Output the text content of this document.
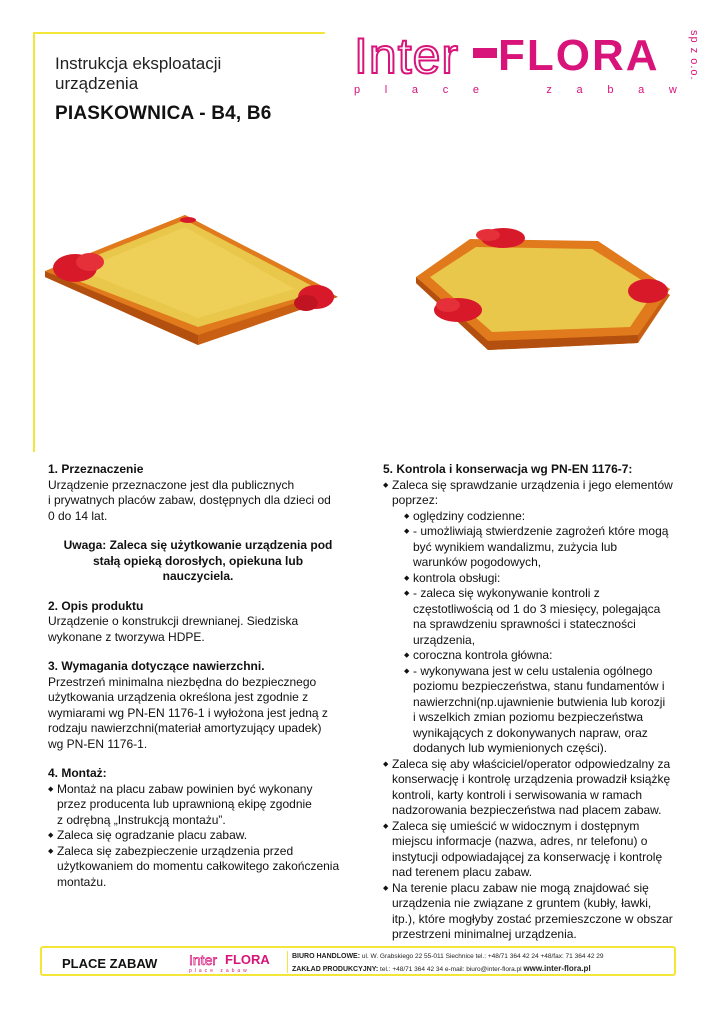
Instrukcja eksploatacji urządzenia
PIASKOWNICA - B4, B6
Inter FLORA	sp z o.o.
p l a c e	z a b a w

1. Przeznaczenie

Urządzenie przeznaczone jest dla publicznych

i prywatnych placów zabaw, dostępnych dla dzieci od

0 do 14 lat.

Uwaga: Zaleca się użytkowanie urządzenia pod

stałą opieką dorosłych, opiekuna lub

nauczyciela.

2. Opis produktu

Urządzenie o konstrukcji drewnianej. Siedziska

wykonane z tworzywa HDPE.

3. Wymagania dotyczące nawierzchni.

Przestrzeń minimalna niezbędna do bezpiecznego

użytkowania urządzenia określona jest zgodnie z

wymiarami wg PN-EN 1176-1 i wyłożona jest jedną z

rodzaju nawierzchni(materiał amortyzujący upadek)

wg PN-EN 1176-1.

4. Montaż:

◆ Montaż na placu zabaw powinien być wykonany

przez producenta lub uprawnioną ekipę zgodnie

z odrębną „Instrukcją montażu”.

◆ Zaleca się ogradzanie placu zabaw.

◆ Zaleca się zabezpieczenie urządzenia przed

użytkowaniem do momentu całkowitego zakończenia

montażu.

5. Kontrola i konserwacja wg PN-EN 1176-7:

◆ Zaleca się sprawdzanie urządzenia i jego elementów

poprzez:

◆ oględziny codzienne:

◆ - umożliwiają stwierdzenie zagrożeń które mogą

być wynikiem wandalizmu, zużycia lub

warunków pogodowych,

◆ kontrola obsługi:

◆ - zaleca się wykonywanie kontroli z

częstotliwością od 1 do 3 miesięcy, polegająca

na sprawdzeniu sprawności i stateczności

urządzenia,

◆ coroczna kontrola główna:

◆ - wykonywana jest w celu ustalenia ogólnego

poziomu bezpieczeństwa, stanu fundamentów i

nawierzchni(np.ujawnienie butwienia lub korozji

i wszelkich zmian poziomu bezpieczeństwa

wynikających z dokonywanych napraw, oraz

dodanych lub wymienionych części).

◆ Zaleca się aby właściciel/operator odpowiedzalny za

konserwację i kontrolę urządzenia prowadził książkę

kontroli, karty kontroli i serwisowania w ramach

nadzorowania bezpieczeństwa nad placem zabaw.

◆ Zaleca się umieścić w widocznym i dostępnym

miejscu informacje (nazwa, adres, nr telefonu) o

instytucji odpowiadającej za konserwację i kontrolę

nad terenem placu zabaw.

◆ Na terenie placu zabaw nie mogą znajdować się

urządzenia nie związane z gruntem (kubły, ławki,

itp.), które mogłyby zostać przemieszczone w obszar

przestrzeni minimalnej urządzenia.

PLACE ZABAW Inter FLORA
place zabaw
BIURO HANDLOWE: ul. W. Grabskiego 22 55-011 Siechnice tel.: +48/71 364 42 24 +48/fax: 71 364 42 29
ZAKŁAD PRODUKCYJNY: tel.: +48/71 364 42 34 e-mail: biuro@inter-flora.pl www.inter-flora.pl
